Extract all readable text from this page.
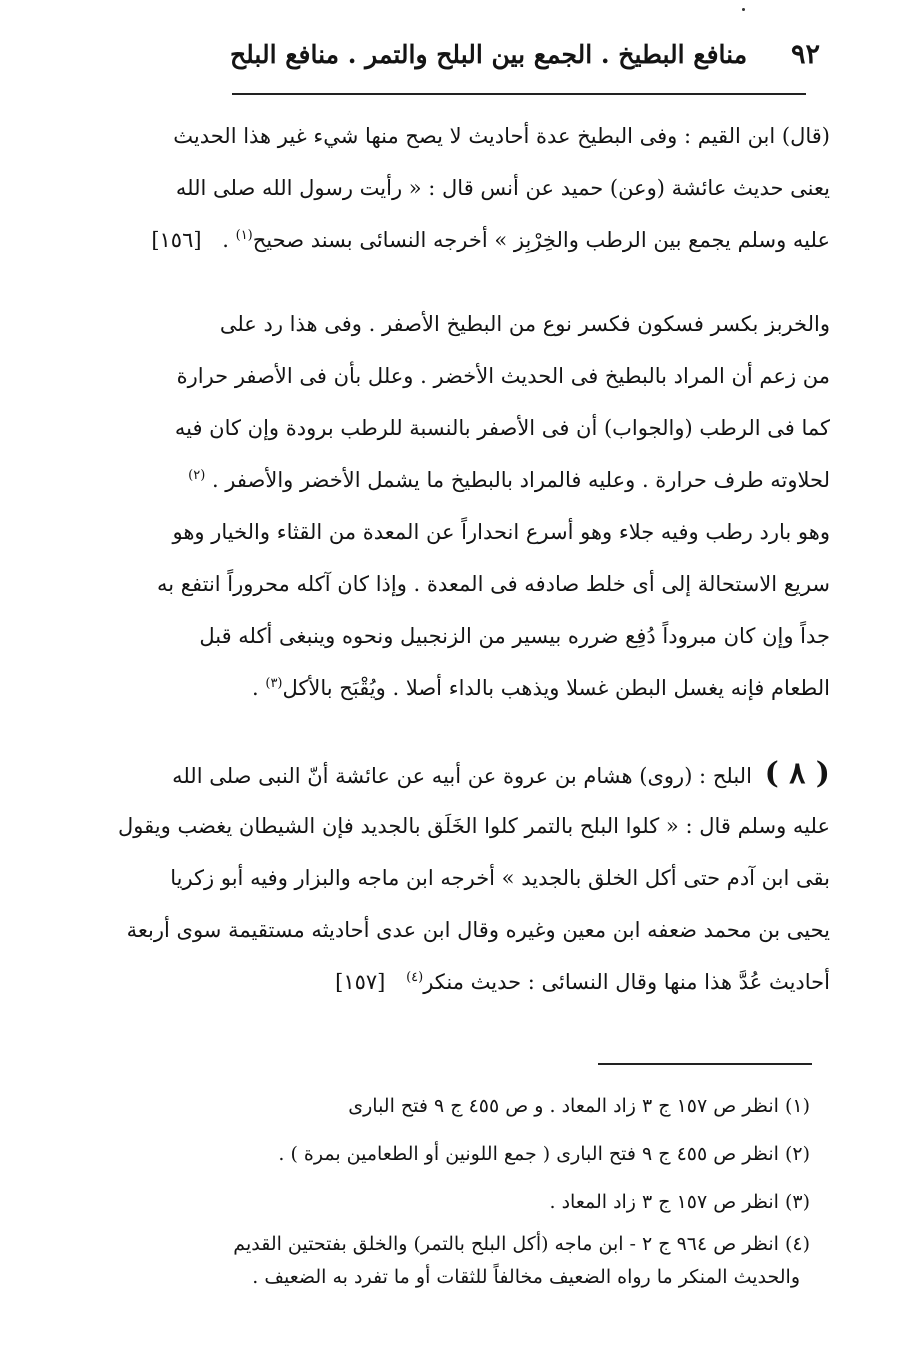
٩٢
منافع البطيخ . الجمع بين البلح والتمر . منافع البلح
(قال) ابن القيم : وفى البطيخ عدة أحاديث لا يصح منها شيء غير هذا الحديث
يعنى حديث عائشة (وعن) حميد عن أنس قال : « رأيت رسول الله صلى الله
عليه وسلم يجمع بين الرطب والخِرْبِز » أخرجه النسائى بسند صحيح$^{(١)}$ . [١٥٦]
والخربز بكسر فسكون فكسر نوع من البطيخ الأصفر . وفى هذا رد على
من زعم أن المراد بالبطيخ فى الحديث الأخضر . وعلل بأن فى الأصفر حرارة
كما فى الرطب (والجواب) أن فى الأصفر بالنسبة للرطب برودة وإن كان فيه
لحلاوته طرف حرارة . وعليه فالمراد بالبطيخ ما يشمل الأخضر والأصفر . $^{(٢)}$
وهو بارد رطب وفيه جلاء وهو أسرع انحداراً عن المعدة من القثاء والخيار وهو
سريع الاستحالة إلى أى خلط صادفه فى المعدة . وإذا كان آكله محروراً انتفع به
جداً وإن كان مبروداً دُفِع ضرره بيسير من الزنجبيل ونحوه وينبغى أكله قبل
الطعام فإنه يغسل البطن غسلا ويذهب بالداء أصلا . ويُقْبَح بالأكل$^{(٣)}$ .
( ٨ ) البلح : (روى) هشام بن عروة عن أبيه عن عائشة أنّ النبى صلى الله
عليه وسلم قال : « كلوا البلح بالتمر كلوا الخَلَق بالجديد فإن الشيطان يغضب ويقول
بقى ابن آدم حتى أكل الخلق بالجديد » أخرجه ابن ماجه والبزار وفيه أبو زكريا
يحيى بن محمد ضعفه ابن معين وغيره وقال ابن عدى أحاديثه مستقيمة سوى أربعة
أحاديث عُدَّ هذا منها وقال النسائى : حديث منكر$^{(٤)}$ [١٥٧]
(١) انظر ص ١٥٧ ج ٣ زاد المعاد . و ص ٤٥٥ ج ٩ فتح البارى
(٢) انظر ص ٤٥٥ ج ٩ فتح البارى ( جمع اللونين أو الطعامين بمرة ) .
(٣) انظر ص ١٥٧ ج ٣ زاد المعاد .
(٤) انظر ص ٩٦٤ ج ٢ - ابن ماجه (أكل البلح بالتمر) والخلق بفتحتين القديم
والحديث المنكر ما رواه الضعيف مخالفاً للثقات أو ما تفرد به الضعيف .
